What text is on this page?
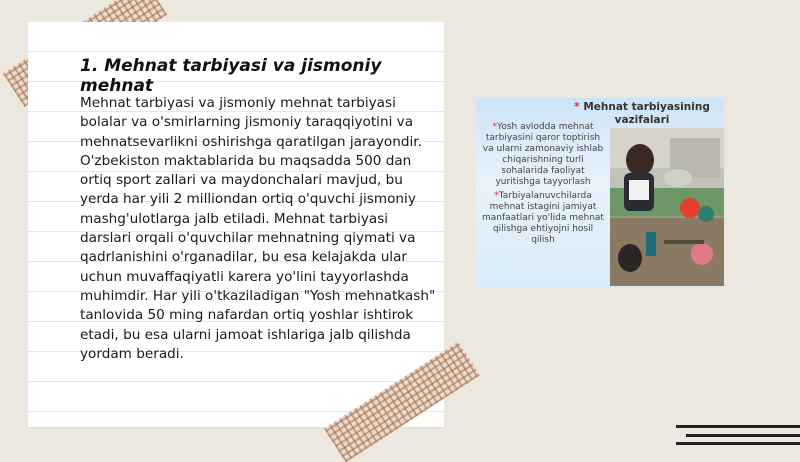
1. Mehnat tarbiyasi va jismoniy mehnat
Mehnat tarbiyasi va jismoniy mehnat tarbiyasi bolalar va o'smirlarning jismoniy taraqqiyotini va mehnatsevarlikni oshirishga qaratilgan jarayondir. O'zbekiston maktablarida bu maqsadda 500 dan ortiq sport zallari va maydonchalari mavjud, bu yerda har yili 2 milliondan ortiq o'quvchi jismoniy mashg'ulotlarga jalb etiladi. Mehnat tarbiyasi darslari orqali o'quvchilar mehnatning qiymati va qadrlanishini o'rganadilar, bu esa kelajakda ular uchun muvaffaqiyatli karera yo'lini tayyorlashda muhimdir. Har yili o'tkaziladigan "Yosh mehnatkash" tanlovida 50 ming nafardan ortiq yoshlar ishtirok etadi, bu esa ularni jamoat ishlariga jalb qilishda yordam beradi.
* Mehnat tarbiyasining vazifalari
*Yosh avlodda mehnat tarbiyasini qaror toptirish va ularni zamonaviy ishlab chiqarishning turli sohalarida faoliyat yuritishga tayyorlash
*Tarbiyalanuvchilarda mehnat istagini jamiyat manfaatlari yo'lida mehnat qilishga ehtiyojni hosil qilish
